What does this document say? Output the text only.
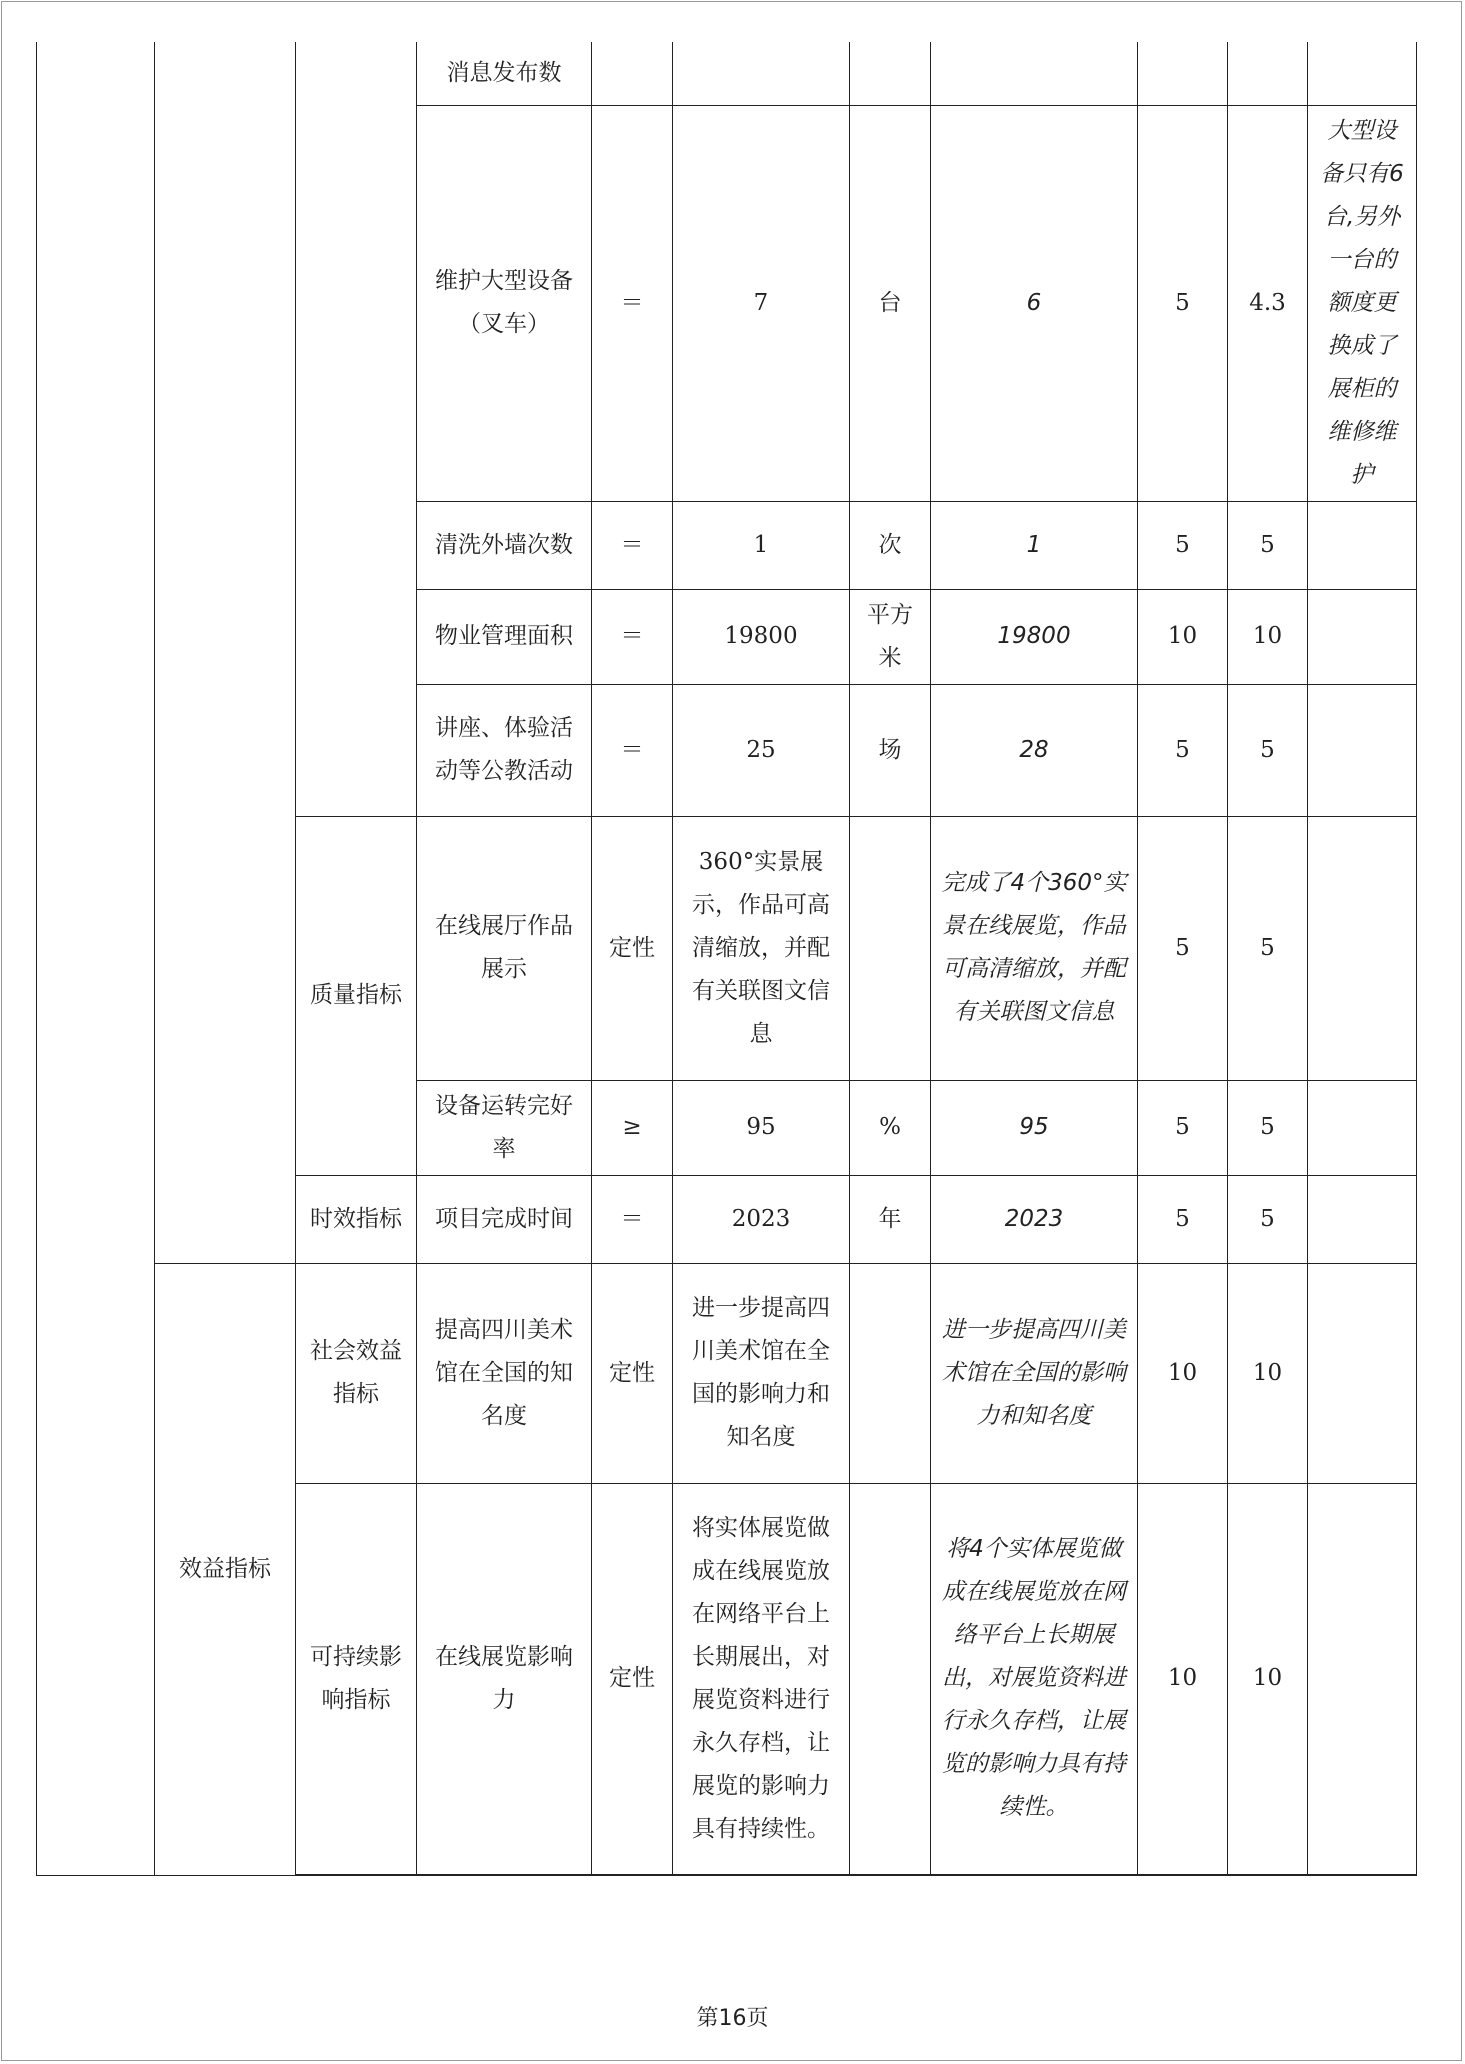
			消息发布数							
			维护大型设备（叉车）	＝	7	台	6	5	4.3	大型设备只有6台,另外一台的额度更换成了展柜的维修维护
			清洗外墙次数	＝	1	次	1	5	5	
			物业管理面积	＝	19800	平方米	19800	10	10	
			讲座、体验活动等公教活动	＝	25	场	28	5	5	
		质量指标	在线展厅作品展示	定性	360°实景展示，作品可高清缩放，并配有关联图文信息		完成了4个360°实景在线展览，作品可高清缩放，并配有关联图文信息	5	5	
			设备运转完好率	≥	95	%	95	5	5	
		时效指标	项目完成时间	＝	2023	年	2023	5	5	
	效益指标	社会效益指标	提高四川美术馆在全国的知名度	定性	进一步提高四川美术馆在全国的影响力和知名度		进一步提高四川美术馆在全国的影响力和知名度	10	10	
		可持续影响指标	在线展览影响力	定性	将实体展览做成在线展览放在网络平台上长期展出，对展览资料进行永久存档，让展览的影响力具有持续性。		将4个实体展览做成在线展览放在网络平台上长期展出，对展览资料进行永久存档，让展览的影响力具有持续性。	10	10	
第16页
